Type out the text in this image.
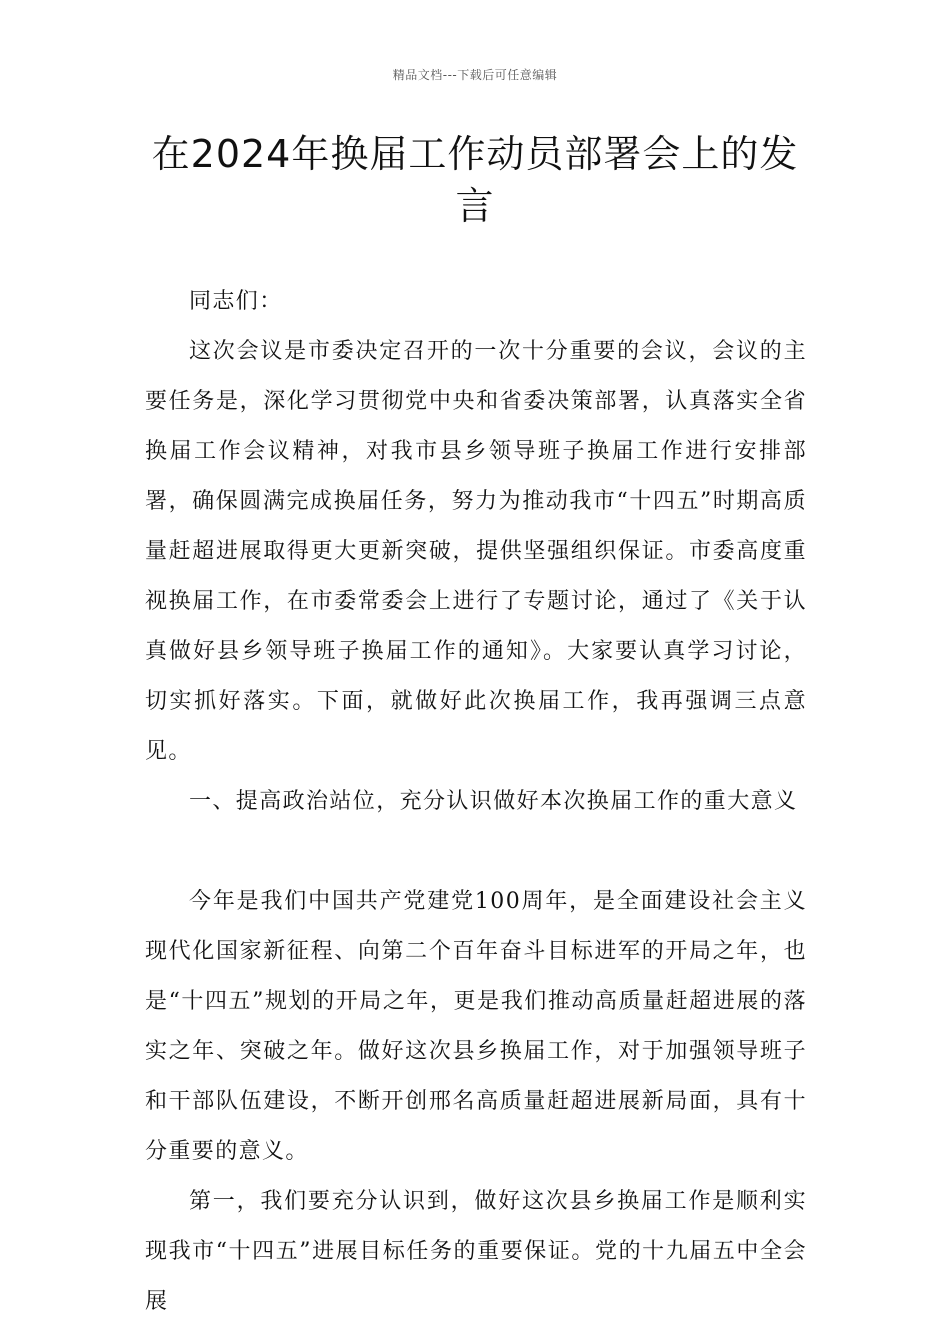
精品文档---下载后可任意编辑
在2024年换届工作动员部署会上的发言

同志们：

这次会议是市委决定召开的一次十分重要的会议，会议的主要任务是，深化学习贯彻党中央和省委决策部署，认真落实全省换届工作会议精神，对我市县乡领导班子换届工作进行安排部署，确保圆满完成换届任务，努力为推动我市“十四五”时期高质量赶超进展取得更大更新突破，提供坚强组织保证。市委高度重视换届工作，在市委常委会上进行了专题讨论，通过了《关于认真做好县乡领导班子换届工作的通知》。大家要认真学习讨论，切实抓好落实。下面，就做好此次换届工作，我再强调三点意见。

一、提高政治站位，充分认识做好本次换届工作的重大意义

今年是我们中国共产党建党100周年，是全面建设社会主义现代化国家新征程、向第二个百年奋斗目标进军的开局之年，也是“十四五”规划的开局之年，更是我们推动高质量赶超进展的落实之年、突破之年。做好这次县乡换届工作，对于加强领导班子和干部队伍建设，不断开创邢名高质量赶超进展新局面，具有十分重要的意义。

第一，我们要充分认识到，做好这次县乡换届工作是顺利实现我市“十四五”进展目标任务的重要保证。党的十九届五中全会展
